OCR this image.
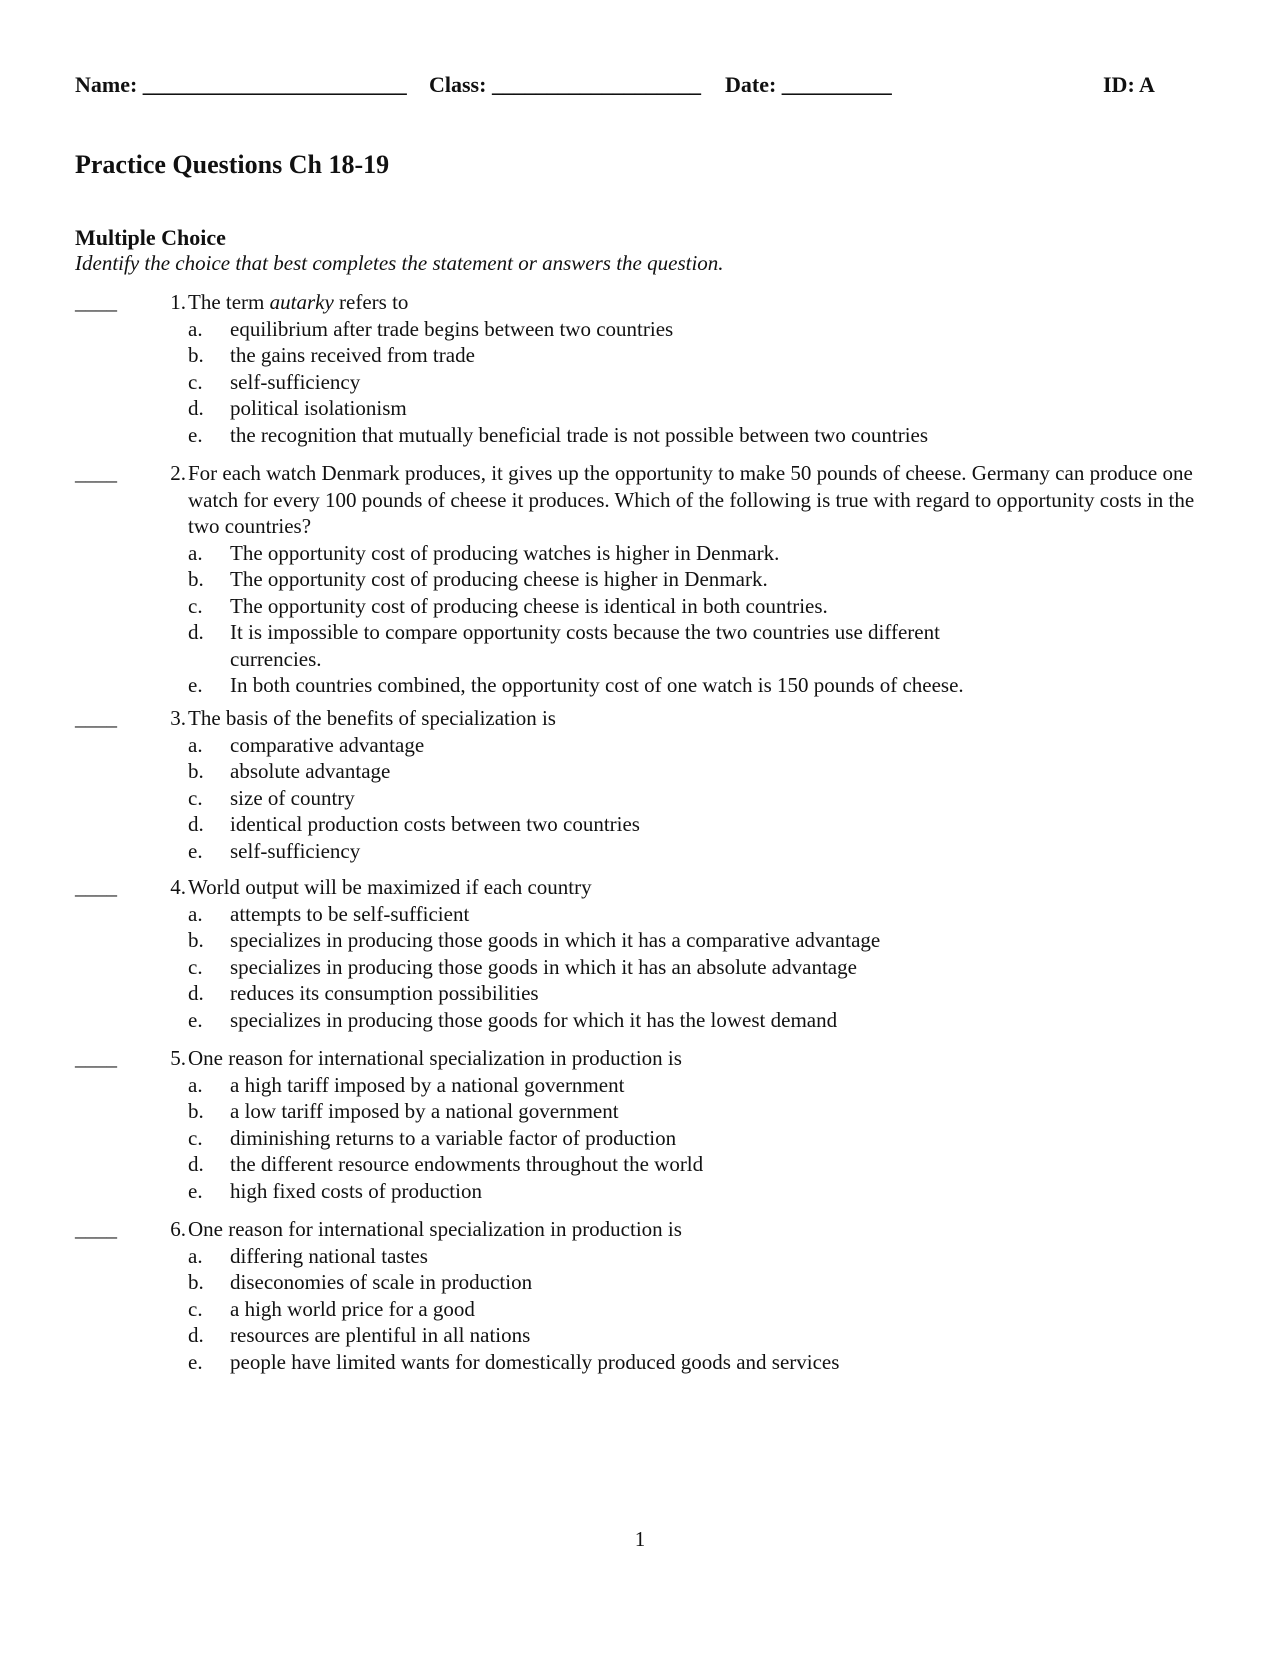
Name: ________________________ Class: ___________________ Date: __________	ID: A
Practice Questions Ch 18-19
Multiple Choice
Identify the choice that best completes the statement or answers the question.
____	1. The term autarky refers to
a.	equilibrium after trade begins between two countries
b.	the gains received from trade
c.	self-sufficiency
d.	political isolationism
e.	the recognition that mutually beneficial trade is not possible between two countries
____	2. For each watch Denmark produces, it gives up the opportunity to make 50 pounds of cheese. Germany can produce one watch for every 100 pounds of cheese it produces. Which of the following is true with regard to opportunity costs in the two countries?
a.	The opportunity cost of producing watches is higher in Denmark.
b.	The opportunity cost of producing cheese is higher in Denmark.
c.	The opportunity cost of producing cheese is identical in both countries.
d.	It is impossible to compare opportunity costs because the two countries use different currencies.
e.	In both countries combined, the opportunity cost of one watch is 150 pounds of cheese.
____	3. The basis of the benefits of specialization is
a.	comparative advantage
b.	absolute advantage
c.	size of country
d.	identical production costs between two countries
e.	self-sufficiency
____	4. World output will be maximized if each country
a.	attempts to be self-sufficient
b.	specializes in producing those goods in which it has a comparative advantage
c.	specializes in producing those goods in which it has an absolute advantage
d.	reduces its consumption possibilities
e.	specializes in producing those goods for which it has the lowest demand
____	5. One reason for international specialization in production is
a.	a high tariff imposed by a national government
b.	a low tariff imposed by a national government
c.	diminishing returns to a variable factor of production
d.	the different resource endowments throughout the world
e.	high fixed costs of production
____	6. One reason for international specialization in production is
a.	differing national tastes
b.	diseconomies of scale in production
c.	a high world price for a good
d.	resources are plentiful in all nations
e.	people have limited wants for domestically produced goods and services
1
